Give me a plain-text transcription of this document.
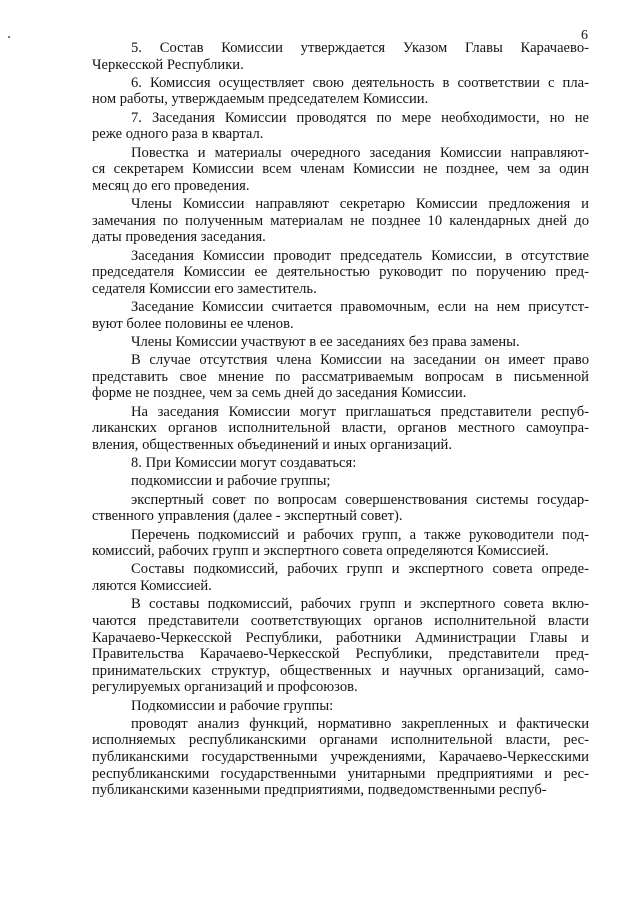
6

5. Состав Комиссии утверждается Указом Главы Карачаево-
Черкесской Республики.

6. Комиссия осуществляет свою деятельность в соответствии с пла-
ном работы, утверждаемым председателем Комиссии.

7. Заседания Комиссии проводятся по мере необходимости, но не
реже одного раза в квартал.

Повестка и материалы очередного заседания Комиссии направляют-
ся секретарем Комиссии всем членам Комиссии не позднее, чем за один
месяц до его проведения.

Члены Комиссии направляют секретарю Комиссии предложения и
замечания по полученным материалам не позднее 10 календарных дней до
даты проведения заседания.

Заседания Комиссии проводит председатель Комиссии, в отсутствие
председателя Комиссии ее деятельностью руководит по поручению пред-
седателя Комиссии его заместитель.

Заседание Комиссии считается правомочным, если на нем присутст-
вуют более половины ее членов.

Члены Комиссии участвуют в ее заседаниях без права замены.

В случае отсутствия члена Комиссии на заседании он имеет право
представить свое мнение по рассматриваемым вопросам в письменной
форме не позднее, чем за семь дней до заседания Комиссии.

На заседания Комиссии могут приглашаться представители респуб-
ликанских органов исполнительной власти, органов местного самоупра-
вления, общественных объединений и иных организаций.

8. При Комиссии могут создаваться:

подкомиссии и рабочие группы;

экспертный совет по вопросам совершенствования системы государ-
ственного управления (далее - экспертный совет).

Перечень подкомиссий и рабочих групп, а также руководители под-
комиссий, рабочих групп и экспертного совета определяются Комиссией.

Составы подкомиссий, рабочих групп и экспертного совета опреде-
ляются Комиссией.

В составы подкомиссий, рабочих групп и экспертного совета вклю-
чаются представители соответствующих органов исполнительной власти
Карачаево-Черкесской Республики, работники Администрации Главы и
Правительства Карачаево-Черкесской Республики, представители пред-
принимательских структур, общественных и научных организаций, само-
регулируемых организаций и профсоюзов.

Подкомиссии и рабочие группы:

проводят анализ функций, нормативно закрепленных и фактически
исполняемых республиканскими органами исполнительной власти, рес-
публиканскими государственными учреждениями, Карачаево-Черкесскими
республиканскими государственными унитарными предприятиями и рес-
публиканскими казенными предприятиями, подведомственными респуб-
